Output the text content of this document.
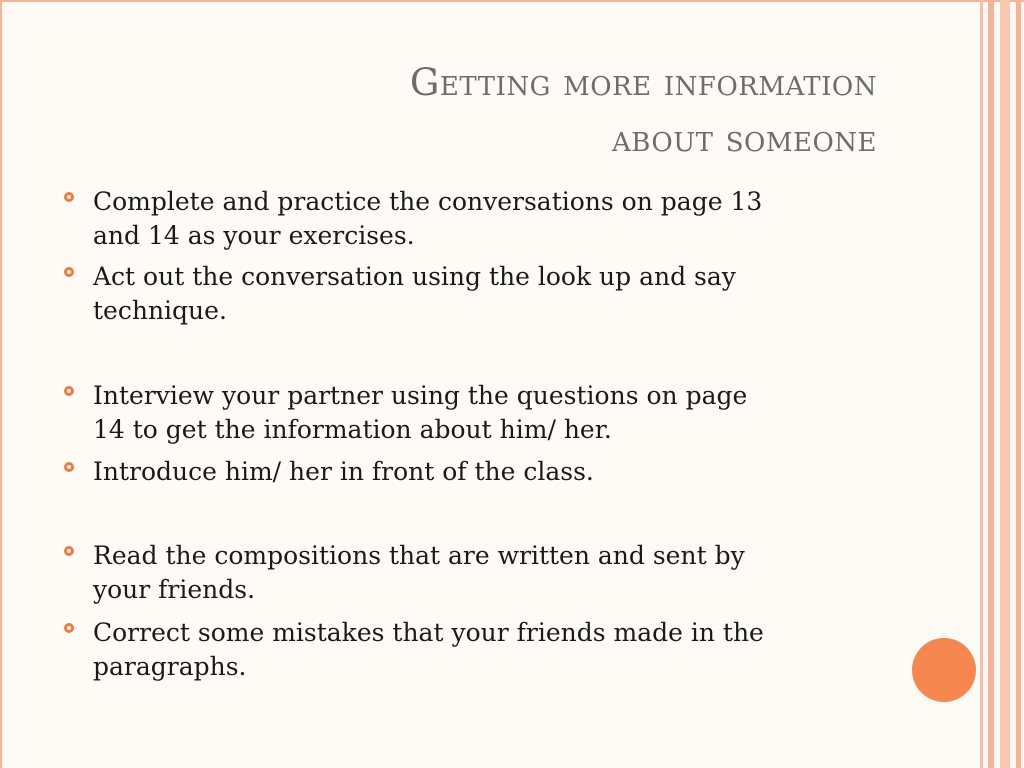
Getting more information
about someone
Complete and practice the conversations on page 13
and 14 as your exercises.
Act out the conversation using the look up and say
technique.
Interview your partner using the questions on page
14 to get the information about him/ her.
Introduce him/ her in front of the class.
Read the compositions that are written and sent by
your friends.
Correct some mistakes that your friends made in the
paragraphs.
